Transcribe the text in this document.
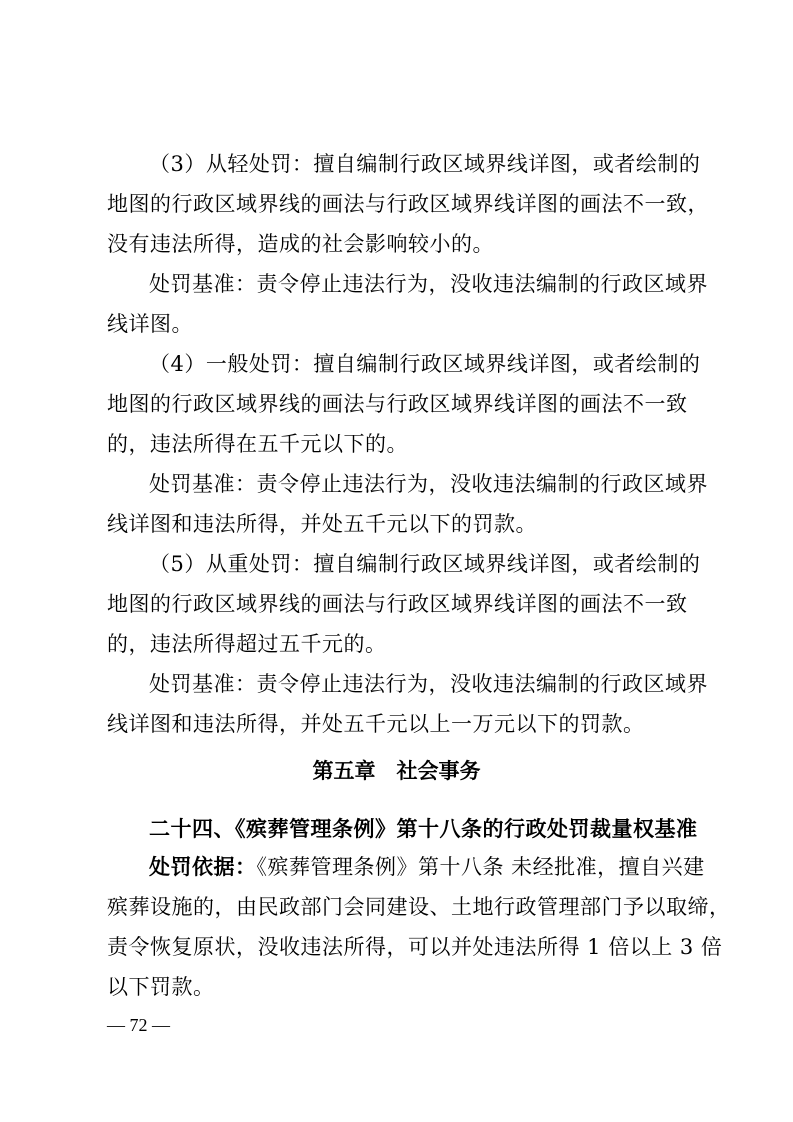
（3）从轻处罚：擅自编制行政区域界线详图，或者绘制的
地图的行政区域界线的画法与行政区域界线详图的画法不一致，
没有违法所得，造成的社会影响较小的。
处罚基准：责令停止违法行为，没收违法编制的行政区域界
线详图。
（4）一般处罚：擅自编制行政区域界线详图，或者绘制的
地图的行政区域界线的画法与行政区域界线详图的画法不一致
的，违法所得在五千元以下的。
处罚基准：责令停止违法行为，没收违法编制的行政区域界
线详图和违法所得，并处五千元以下的罚款。
（5）从重处罚：擅自编制行政区域界线详图，或者绘制的
地图的行政区域界线的画法与行政区域界线详图的画法不一致
的，违法所得超过五千元的。
处罚基准：责令停止违法行为，没收违法编制的行政区域界
线详图和违法所得，并处五千元以上一万元以下的罚款。
第五章　社会事务
二十四、《殡葬管理条例》第十八条的行政处罚裁量权基准
处罚依据：《殡葬管理条例》第十八条 未经批准，擅自兴建
殡葬设施的，由民政部门会同建设、土地行政管理部门予以取缔，
责令恢复原状，没收违法所得，可以并处违法所得 1 倍以上 3 倍
以下罚款。
— 72 —
